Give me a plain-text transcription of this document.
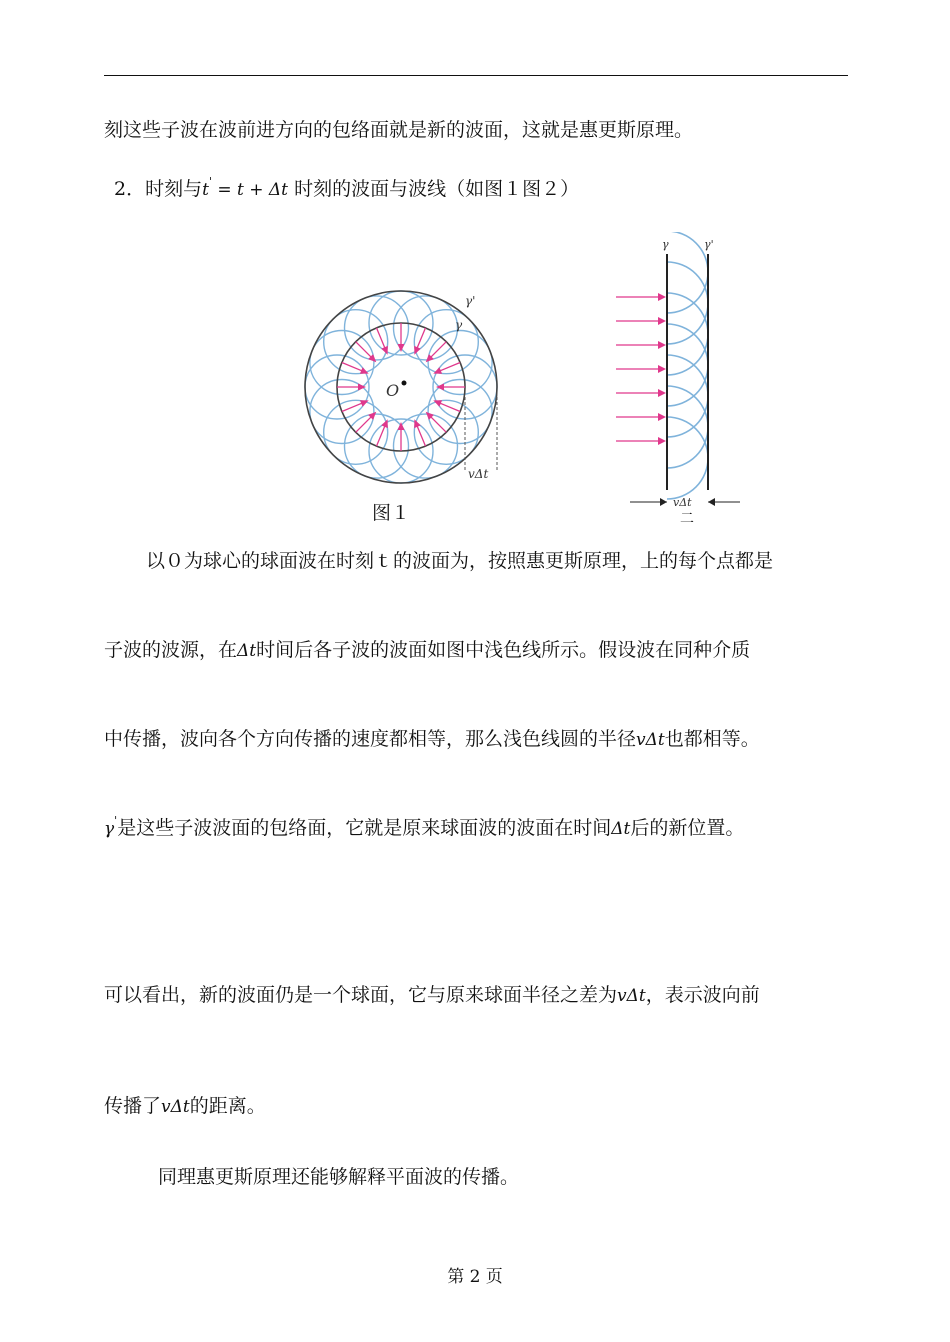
刻这些子波在波前进方向的包络面就是新的波面，这就是惠更斯原理。
2．时刻与t' = t + Δt 时刻的波面与波线（如图１图２）
O
γ'
γ
vΔt
图１
γ	γ'
vΔt
二
以０为球心的球面波在时刻ｔ的波面为，按照惠更斯原理，上的每个点都是
子波的波源，在Δt时间后各子波的波面如图中浅色线所示。假设波在同种介质
中传播，波向各个方向传播的速度都相等，那么浅色线圆的半径vΔt也都相等。
γ'是这些子波波面的包络面，它就是原来球面波的波面在时间Δt后的新位置。
可以看出，新的波面仍是一个球面，它与原来球面半径之差为vΔt，表示波向前
传播了vΔt的距离。
同理惠更斯原理还能够解释平面波的传播。
第 2 页
